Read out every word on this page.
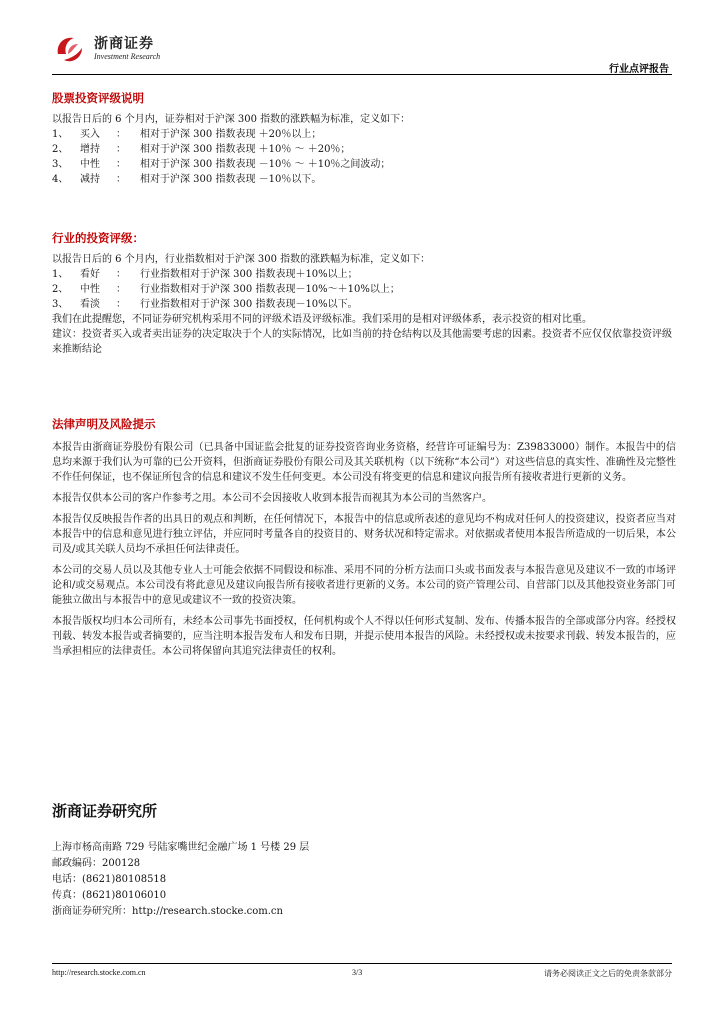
浙商证券
Investment Research
行业点评报告
股票投资评级说明

以报告日后的 6 个月内，证券相对于沪深 300 指数的涨跌幅为标准，定义如下：

1、 买入 ： 相对于沪深 300 指数表现 ＋20％以上；

2、 增持 ： 相对于沪深 300 指数表现 ＋10％ ～ ＋20％；

3、 中性 ： 相对于沪深 300 指数表现 －10％ ～ ＋10％之间波动；

4、 减持 ： 相对于沪深 300 指数表现 －10％以下。

行业的投资评级：

以报告日后的 6 个月内，行业指数相对于沪深 300 指数的涨跌幅为标准，定义如下：

1、 看好 ： 行业指数相对于沪深 300 指数表现＋10%以上；

2、 中性 ： 行业指数相对于沪深 300 指数表现－10%～＋10%以上；

3、 看淡 ： 行业指数相对于沪深 300 指数表现－10%以下。

我们在此提醒您，不同证券研究机构采用不同的评级术语及评级标准。我们采用的是相对评级体系，表示投资的相对比重。

建议：投资者买入或者卖出证券的决定取决于个人的实际情况，比如当前的持仓结构以及其他需要考虑的因素。投资者不应仅仅依靠投资评级来推断结论

法律声明及风险提示

本报告由浙商证券股份有限公司（已具备中国证监会批复的证券投资咨询业务资格，经营许可证编号为：Z39833000）制作。本报告中的信息均来源于我们认为可靠的已公开资料，但浙商证券股份有限公司及其关联机构（以下统称“本公司”）对这些信息的真实性、准确性及完整性不作任何保证，也不保证所包含的信息和建议不发生任何变更。本公司没有将变更的信息和建议向报告所有接收者进行更新的义务。

本报告仅供本公司的客户作参考之用。本公司不会因接收人收到本报告而视其为本公司的当然客户。

本报告仅反映报告作者的出具日的观点和判断，在任何情况下，本报告中的信息或所表述的意见均不构成对任何人的投资建议，投资者应当对本报告中的信息和意见进行独立评估，并应同时考量各自的投资目的、财务状况和特定需求。对依据或者使用本报告所造成的一切后果，本公司及/或其关联人员均不承担任何法律责任。

本公司的交易人员以及其他专业人士可能会依据不同假设和标准、采用不同的分析方法而口头或书面发表与本报告意见及建议不一致的市场评论和/或交易观点。本公司没有将此意见及建议向报告所有接收者进行更新的义务。本公司的资产管理公司、自营部门以及其他投资业务部门可能独立做出与本报告中的意见或建议不一致的投资决策。

本报告版权均归本公司所有，未经本公司事先书面授权，任何机构或个人不得以任何形式复制、发布、传播本报告的全部或部分内容。经授权刊载、转发本报告或者摘要的，应当注明本报告发布人和发布日期，并提示使用本报告的风险。未经授权或未按要求刊载、转发本报告的，应当承担相应的法律责任。本公司将保留向其追究法律责任的权利。

浙商证券研究所

上海市杨高南路 729 号陆家嘴世纪金融广场 1 号楼 29 层

邮政编码：200128

电话：(8621)80108518

传真：(8621)80106010

浙商证券研究所：http://research.stocke.com.cn

http://research.stocke.com.cn	3/3	请务必阅读正文之后的免责条款部分
